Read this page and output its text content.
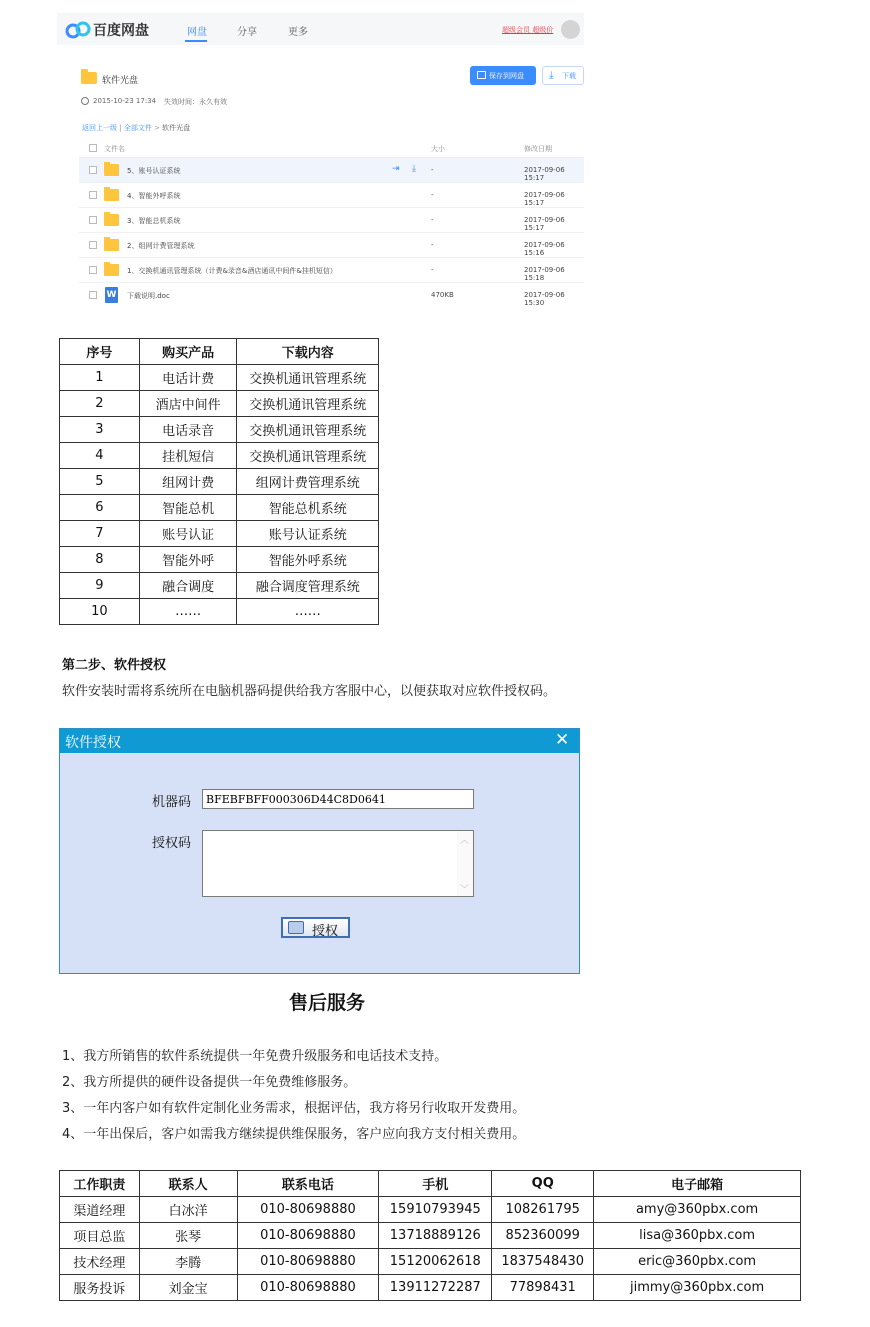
百度网盘	网盘	分享	更多	超级会员 超级价
软件光盘	保存到网盘	⤓ 下载
2015-10-23 17:34 失效时间：永久有效
返回上一级 | 全部文件 > 软件光盘
文件名	大小	修改日期
5、账号认证系统	⇥ ⤓ -	2017-09-06 15:17
4、智能外呼系统	-	2017-09-06 15:17
3、智能总机系统	-	2017-09-06 15:17
2、组网计费管理系统	-	2017-09-06 15:16
1、交换机通讯管理系统（计费&录音&酒店通讯中间件&挂机短信）	-	2017-09-06 15:18
W 下载说明.doc	470KB	2017-09-06 15:30
序号	购买产品	下载内容
1	电话计费	交换机通讯管理系统
2	酒店中间件	交换机通讯管理系统
3	电话录音	交换机通讯管理系统
4	挂机短信	交换机通讯管理系统
5	组网计费	组网计费管理系统
6	智能总机	智能总机系统
7	账号认证	账号认证系统
8	智能外呼	智能外呼系统
9	融合调度	融合调度管理系统
10	……	……
第二步、软件授权
软件安装时需将系统所在电脑机器码提供给我方客服中心，以便获取对应软件授权码。
软件授权	✕
机器码	BFEBFBFF000306D44C8D0641
授权码	︿
﹀
授权
售后服务
1、我方所销售的软件系统提供一年免费升级服务和电话技术支持。
2、我方所提供的硬件设备提供一年免费维修服务。
3、一年内客户如有软件定制化业务需求，根据评估，我方将另行收取开发费用。
4、一年出保后，客户如需我方继续提供维保服务，客户应向我方支付相关费用。
工作职责	联系人	联系电话	手机	QQ	电子邮箱
渠道经理	白冰洋	010-80698880	15910793945	108261795	amy@360pbx.com
项目总监	张琴	010-80698880	13718889126	852360099	lisa@360pbx.com
技术经理	李腾	010-80698880	15120062618	1837548430	eric@360pbx.com
服务投诉	刘金宝	010-80698880	13911272287	77898431	jimmy@360pbx.com
